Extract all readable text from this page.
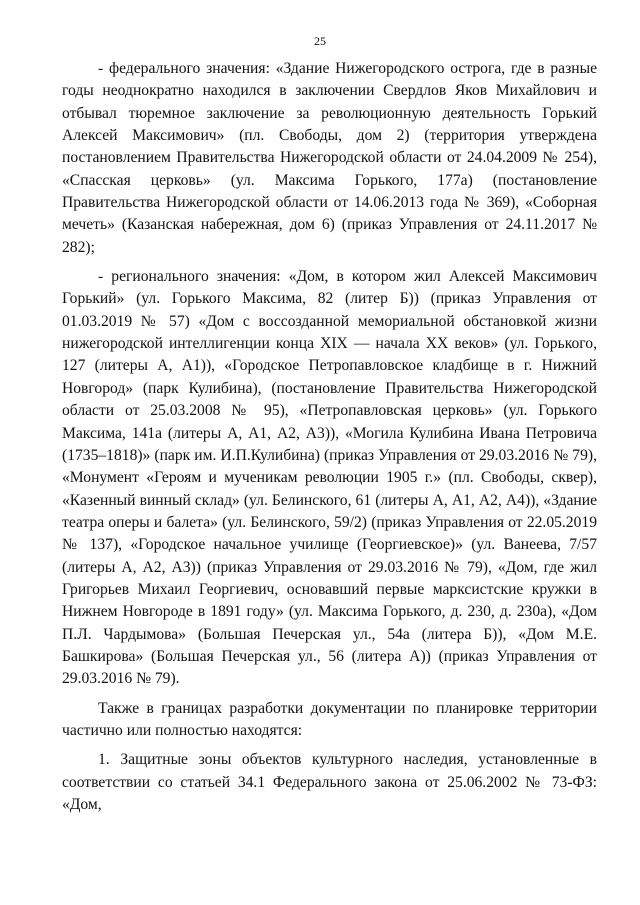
25

- федерального значения: «Здание Нижегородского острога, где в разные годы неоднократно находился в заключении Свердлов Яков Михайлович и отбывал тюремное заключение за революционную деятельность Горький Алексей Максимович» (пл. Свободы, дом 2) (территория утверждена постановлением Правительства Нижегородской области от 24.04.2009 № 254), «Спасская церковь» (ул. Максима Горького, 177а) (постановление Правительства Нижегородской области от 14.06.2013 года № 369), «Соборная мечеть» (Казанская набережная, дом 6) (приказ Управления от 24.11.2017 № 282);

- регионального значения: «Дом, в котором жил Алексей Максимович Горький» (ул. Горького Максима, 82 (литер Б)) (приказ Управления от 01.03.2019 № 57) «Дом с воссозданной мемориальной обстановкой жизни нижегородской интеллигенции конца XIX — начала XX веков» (ул. Горького, 127 (литеры А, А1)), «Городское Петропавловское кладбище в г. Нижний Новгород» (парк Кулибина), (постановление Правительства Нижегородской области от 25.03.2008 № 95), «Петропавловская церковь» (ул. Горького Максима, 141а (литеры А, А1, А2, А3)), «Могила Кулибина Ивана Петровича (1735–1818)» (парк им. И.П.Кулибина) (приказ Управления от 29.03.2016 № 79), «Монумент «Героям и мученикам революции 1905 г.» (пл. Свободы, сквер), «Казенный винный склад» (ул. Белинского, 61 (литеры А, А1, А2, А4)), «Здание театра оперы и балета» (ул. Белинского, 59/2) (приказ Управления от 22.05.2019 № 137), «Городское начальное училище (Георгиевское)» (ул. Ванеева, 7/57 (литеры А, А2, А3)) (приказ Управления от 29.03.2016 № 79), «Дом, где жил Григорьев Михаил Георгиевич, основавший первые марксистские кружки в Нижнем Новгороде в 1891 году» (ул. Максима Горького, д. 230, д. 230а), «Дом П.Л. Чардымова» (Большая Печерская ул., 54а (литера Б)), «Дом М.Е. Башкирова» (Большая Печерская ул., 56 (литера А)) (приказ Управления от 29.03.2016 № 79).

Также в границах разработки документации по планировке территории частично или полностью находятся:

1. Защитные зоны объектов культурного наследия, установленные в соответствии со статьей 34.1 Федерального закона от 25.06.2002 № 73-ФЗ: «Дом,
